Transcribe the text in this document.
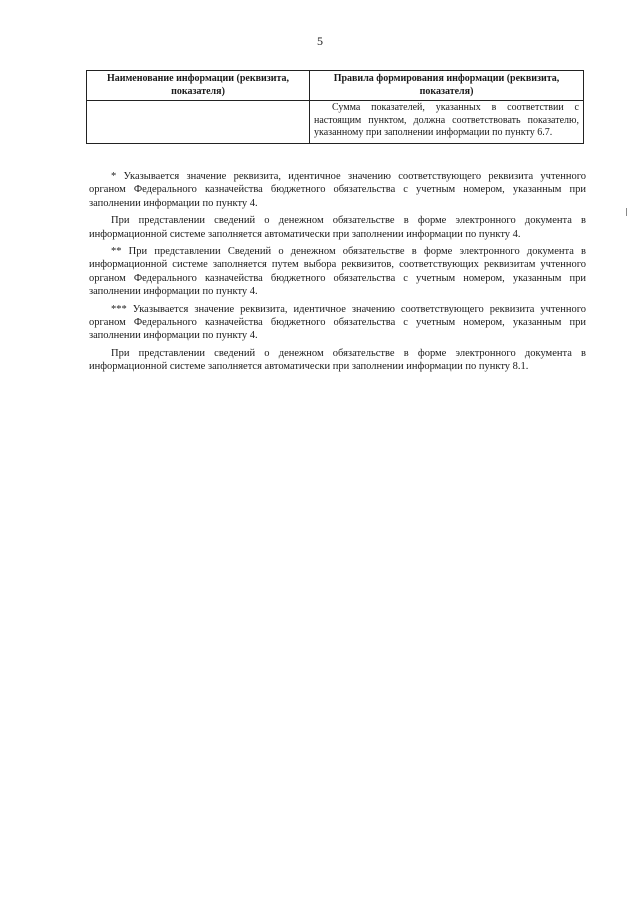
5
Наименование информации (реквизита, показателя)	Правила формирования информации (реквизита, показателя)
	Сумма показателей, указанных в соответствии с настоящим пунктом, должна соответствовать показателю, указанному при заполнении информации по пункту 6.7.

* Указывается значение реквизита, идентичное значению соответствующего реквизита учтенного органом Федерального казначейства бюджетного обязательства с учетным номером, указанным при заполнении информации по пункту 4.

При представлении сведений о денежном обязательстве в форме электронного документа в информационной системе заполняется автоматически при заполнении информации по пункту 4.

** При представлении Сведений о денежном обязательстве в форме электронного документа в информационной системе заполняется путем выбора реквизитов, соответствующих реквизитам учтенного органом Федерального казначейства бюджетного обязательства с учетным номером, указанным при заполнении информации по пункту 4.

*** Указывается значение реквизита, идентичное значению соответствующего реквизита учтенного органом Федерального казначейства бюджетного обязательства с учетным номером, указанным при заполнении информации по пункту 4.

При представлении сведений о денежном обязательстве в форме электронного документа в информационной системе заполняется автоматически при заполнении информации по пункту 8.1.
